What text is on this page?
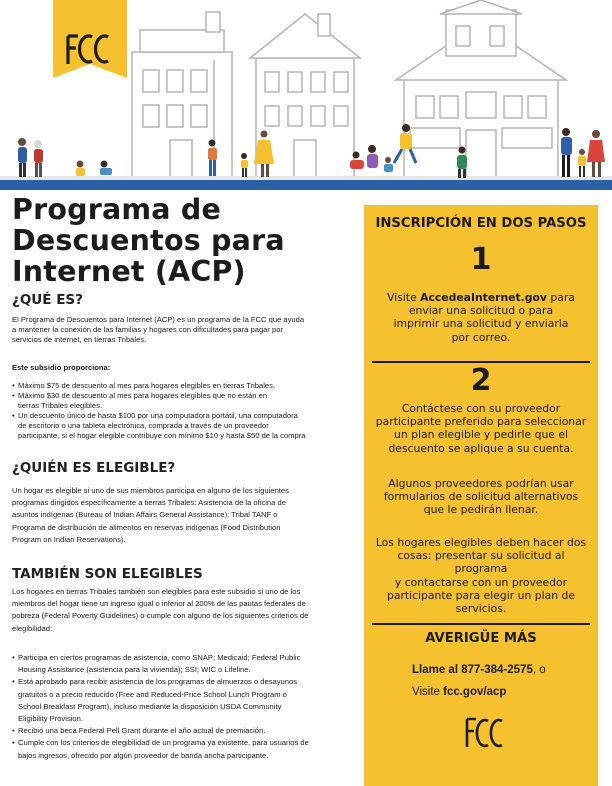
Programa de
Descuentos para
Internet (ACP)
¿QUÉ ES?
El Programa de Descuentos para Internet (ACP) es un programa de la FCC que ayuda
a mantener la conexión de las familias y hogares con dificultades para pagar por
servicios de internet, en tierras Tribales.
Este subsidio proporciona:
• Máximo $75 de descuento al mes para hogares elegibles en tierras Tribales.
• Máximo $30 de descuento al mes para hogares elegibles que no están en
tierras Tribales elegibles.
• Un descuento único de hasta $100 por una computadora portátil, una computadora
de escritorio o una tableta electrónica, comprada a través de un proveedor
participante, si el hogar elegible contribuye con mínimo $10 y hasta $50 de la compra
¿QUIÉN ES ELEGIBLE?
Un hogar es elegible si uno de sus miembros participa en alguno de los siguientes
programas dirigidos específicamente a tierras Tribales: Asistencia de la oficina de
asuntos indígenas (Bureau of Indian Affairs General Assistance); Tribal TANF o
Programa de distribución de alimentos en reservas indígenas (Food Distribution
Program on Indian Reservations).
TAMBIÉN SON ELEGIBLES
Los hogares en tierras Tribales también son elegibles para este subsidio si uno de los
miembros del hogar tiene un ingreso igual o inferior al 200% de las pautas federales de
pobreza (Federal Poverty Guidelines) o cumple con alguno de los siguientes criterios de
elegibilidad:
• Participa en ciertos programas de asistencia, como SNAP; Medicaid; Federal Public
Housing Assistance (asistencia para la vivienda); SSI; WIC o Lifeline.
• Está aprobado para recibir asistencia de los programas de almuerzos o desayunos
gratuitos o a precio reducido (Free and Reduced-Price School Lunch Program o
School Breakfast Program), incluso mediante la disposición USDA Community
Eligibility Provision.
• Recibió una beca Federal Pell Grant durante el año actual de premiación.
• Cumple con los criterios de elegibilidad de un programa ya existente, para usuarios de
bajos ingresos, ofrecido por algún proveedor de banda ancha participante.
INSCRIPCIÓN EN DOS PASOS
1
Visite AccedeaInternet.gov para
enviar una solicitud o para
imprimir una solicitud y enviarla
por correo.
2
Contáctese con su proveedor
participante preferido para seleccionar
un plan elegible y pedirle que el
descuento se aplique a su cuenta.
Algunos proveedores podrían usar
formularios de solicitud alternativos
que le pedirán llenar.
Los hogares elegibles deben hacer dos
cosas: presentar su solicitud al programa
y contactarse con un proveedor
participante para elegir un plan de
servicios.
AVERIGÜE MÁS
Llame al 877-384-2575, o
Visite fcc.gov/acp
